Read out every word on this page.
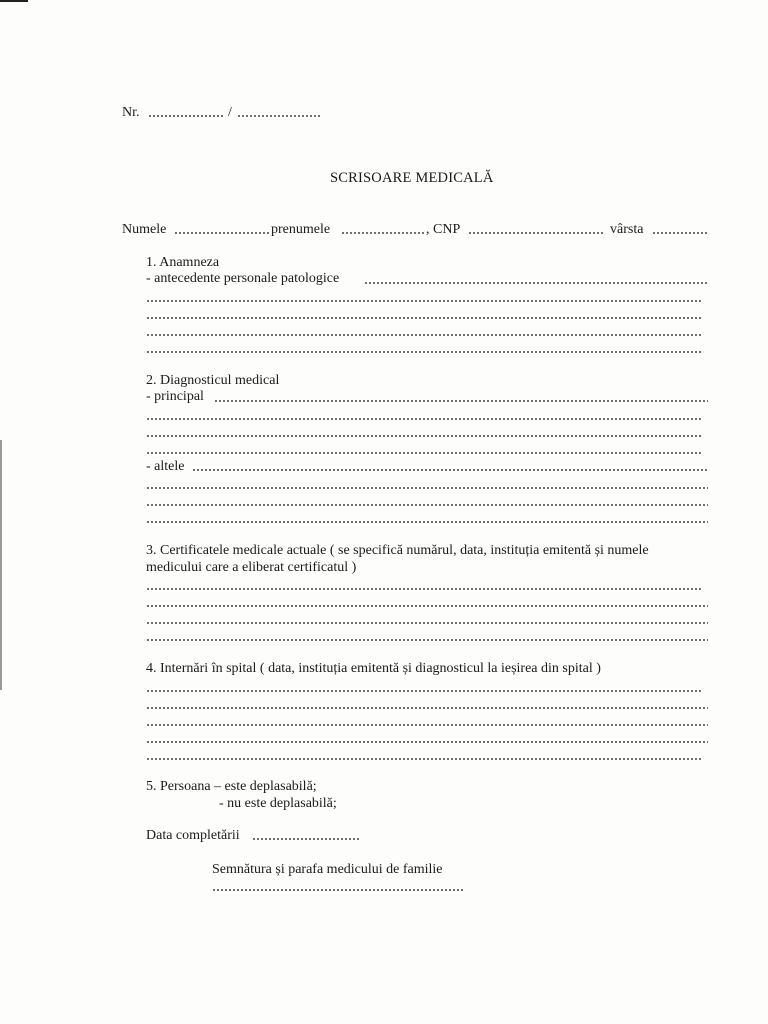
Nr.	/
SCRISOARE MEDICALĂ
Numele	prenumele	, CNP	vârsta
1. Anamneza
- antecedente personale patologice
2. Diagnosticul medical
- principal
- altele
3. Certificatele medicale actuale ( se specifică numărul, data, instituția emitentă și numele
medicului care a eliberat certificatul )
4. Internări în spital ( data, instituția emitentă și diagnosticul la ieșirea din spital )
5. Persoana – este deplasabilă;
- nu este deplasabilă;
Data completării
Semnătura și parafa medicului de familie
